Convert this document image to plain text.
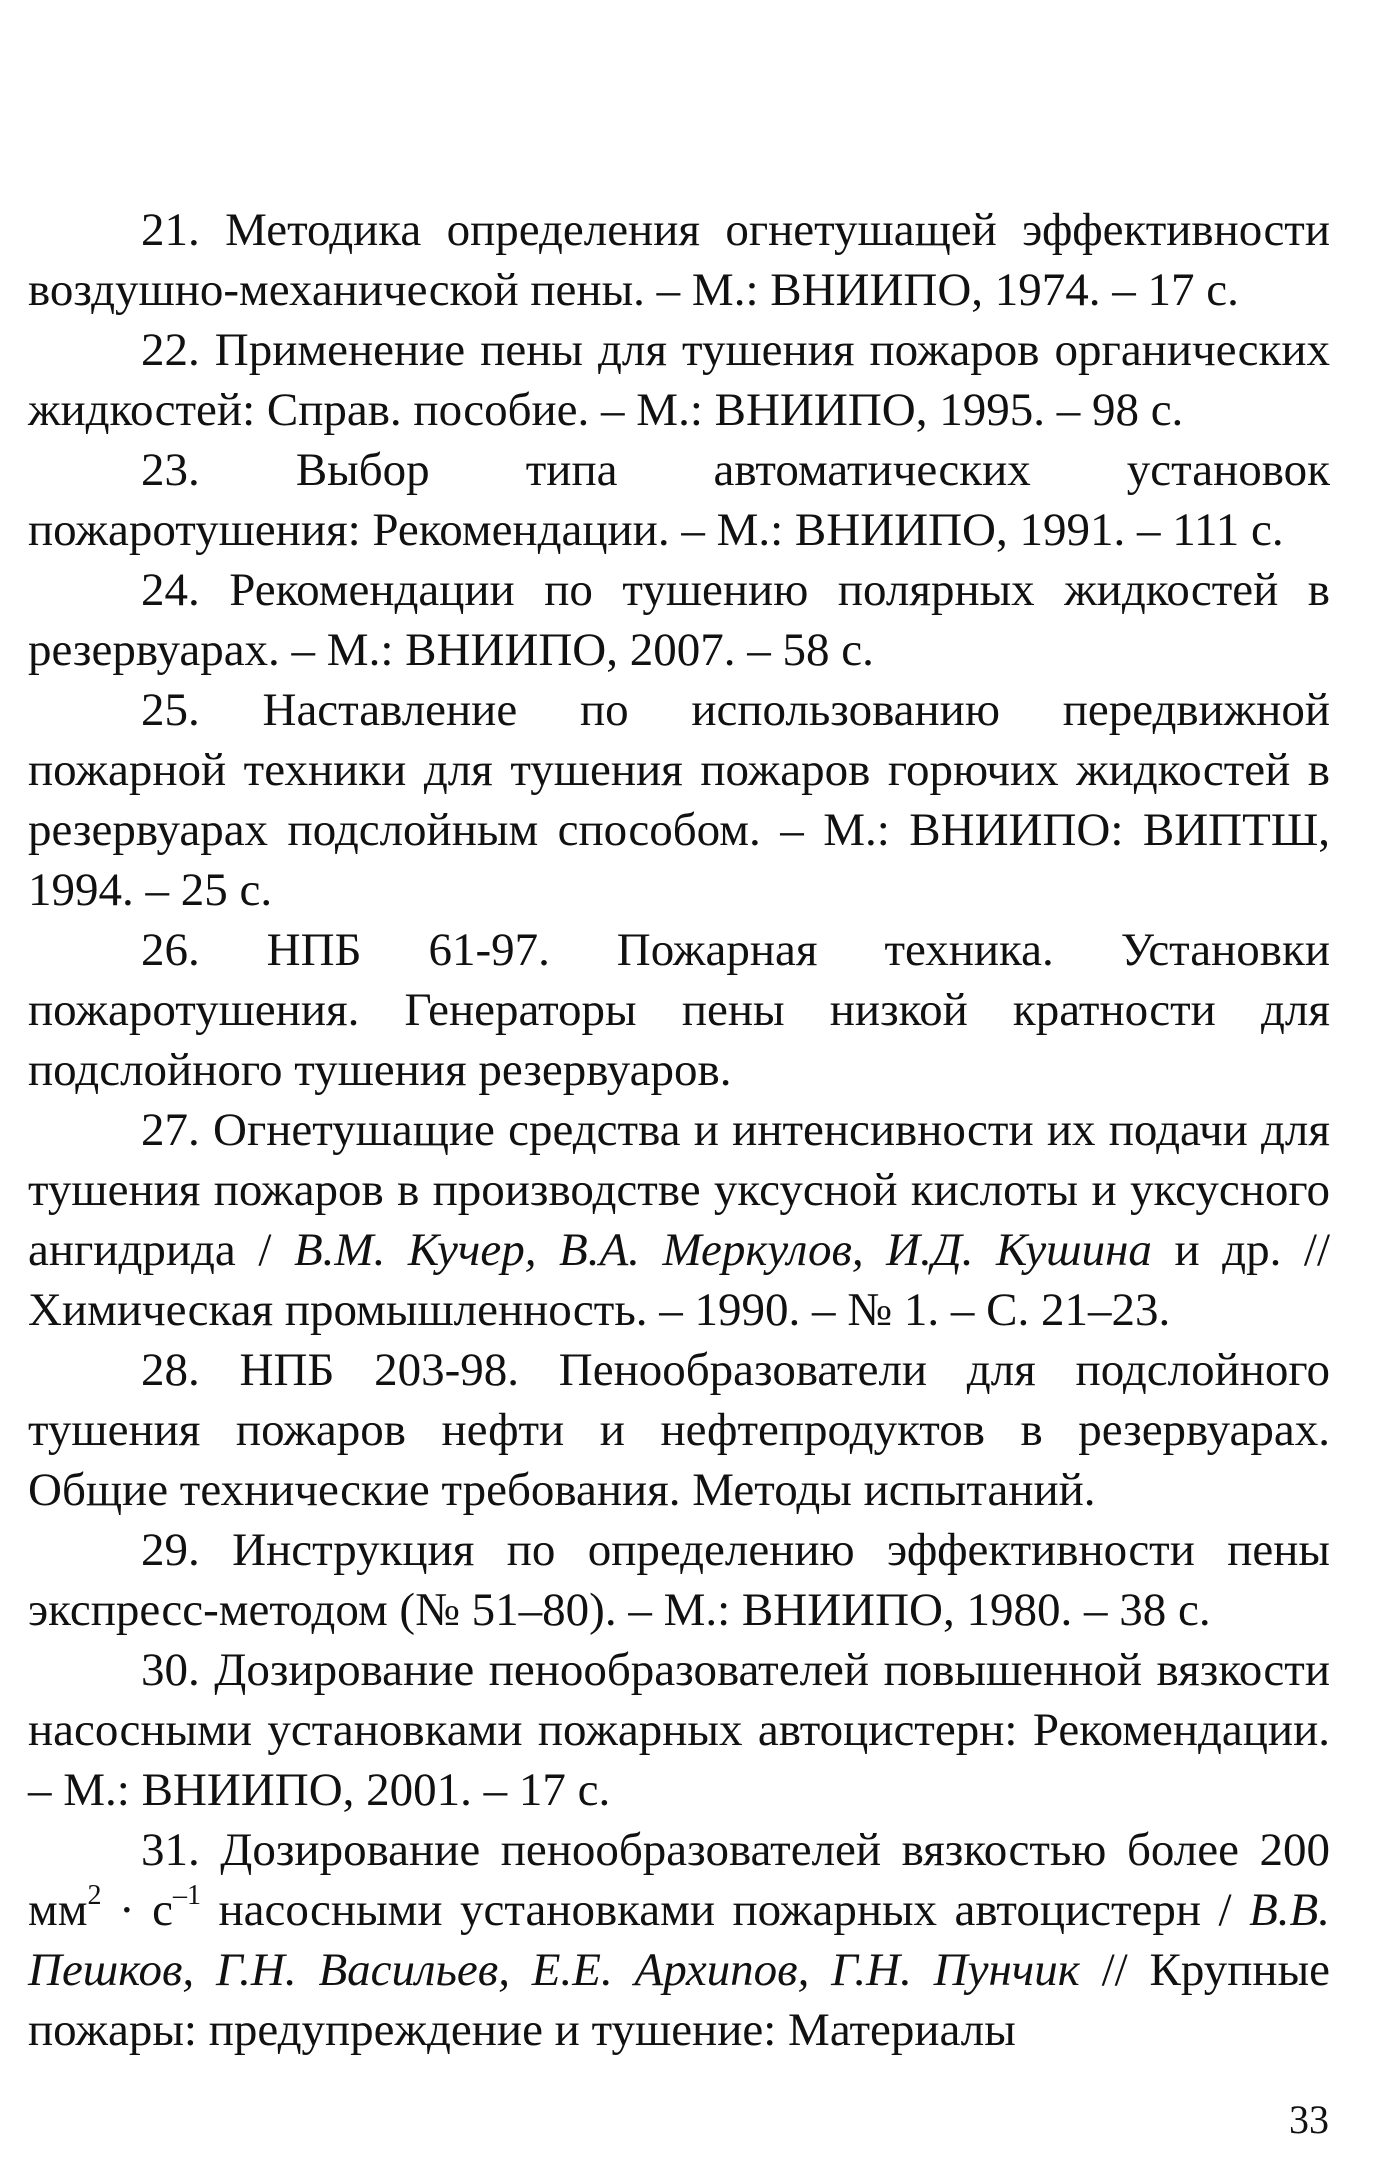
21. Методика определения огнетушащей эффективности воздушно-механической пены. – М.: ВНИИПО, 1974. – 17 с.

22. Применение пены для тушения пожаров органических жидкостей: Справ. пособие. – М.: ВНИИПО, 1995. – 98 с.

23. Выбор типа автоматических установок пожаротушения: Рекомендации. – М.: ВНИИПО, 1991. – 111 с.

24. Рекомендации по тушению полярных жидкостей в резервуарах. – М.: ВНИИПО, 2007. – 58 с.

25. Наставление по использованию передвижной пожарной техники для тушения пожаров горючих жидкостей в резервуарах подслойным способом. – М.: ВНИИПО: ВИПТШ, 1994. – 25 с.

26. НПБ 61-97. Пожарная техника. Установки пожаротушения. Генераторы пены низкой кратности для подслойного тушения резервуаров.

27. Огнетушащие средства и интенсивности их подачи для тушения пожаров в производстве уксусной кислоты и уксусного ангидрида / В.М. Кучер, В.А. Меркулов, И.Д. Кушина и др. // Химическая промышленность. – 1990. – № 1. – С. 21–23.

28. НПБ 203-98. Пенообразователи для подслойного тушения пожаров нефти и нефтепродуктов в резервуарах. Общие технические требования. Методы испытаний.

29. Инструкция по определению эффективности пены экспресс-методом (№ 51–80). – М.: ВНИИПО, 1980. – 38 с.

30. Дозирование пенообразователей повышенной вязкости насосными установками пожарных автоцистерн: Рекомендации. – М.: ВНИИПО, 2001. – 17 с.

31. Дозирование пенообразователей вязкостью более 200 $мм^2 \cdot с^{-1}$ насосными установками пожарных автоцистерн / В.В. Пешков, Г.Н. Васильев, Е.Е. Архипов, Г.Н. Пунчик // Крупные пожары: предупреждение и тушение: Материалы

33
